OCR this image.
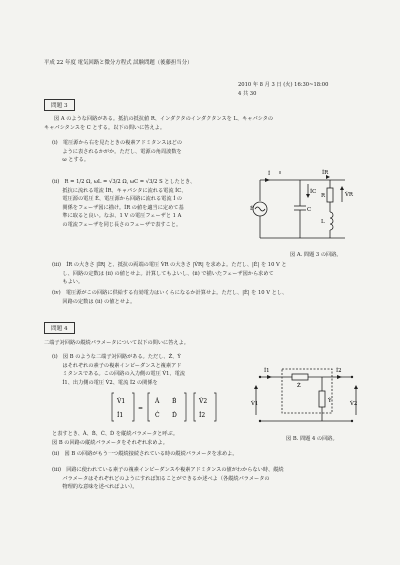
平成 22 年度 電気回路と微分方程式 試験問題（後藤担当分）
2010 年 8 月 3 日 (火) 16:30~18:00
4 共 30
問題 3
図 A のような回路がある。抵抗の抵抗値 R、インダクタのインダクタンスを L、キャパシタの
キャパシタンスを C とする。以下の問いに答えよ。
(i)　電圧源から右を見たときの複素アドミタンスはどの
　　ように表されるかがか。ただし、電源の角周波数を
　　ω とする。
(ii)　R = 1/2 Ω, ωL = √3/2 Ω, ωC = √3/2 S としたとき、
　　抵抗に流れる電流 İR、キャパシタに流れる電流 İC、
　　電圧源の電圧 Ė、電圧源から回路に流れる電流 İ の
　　関係をフェーザ図に描け。İR の値を適当に定めて基
　　準に取ると良い。なお、1 V の電圧フェーザと 1 A
　　の電流フェーザを同じ長さのフェーザで表すこと。
İ	İR
İC
R
C
L
Ė
V̇R
図 A. 問題 3 の回路。
(iii)　İR の大きさ |İR| と、抵抗の両端の電圧 V̇R の大きさ |V̇R| を求めよ。ただし、|Ė| を 10 V と
　　し、回路の定数は (ii) の値とせよ。計算してもよいし、(ii) で描いたフェーザ図から求めて
　　もよい。
(iv)　電圧源がこの回路に供給する有効電力はいくらになるか計算せよ。ただし、|Ė| を 10 V とし、
　　回路の定数は (ii) の値とせよ。
問題 4
二端子対回路の縦続パラメータについて以下の問いに答えよ。
(i)　図 B のような二端子対回路がある。ただし、Ż、Ẏ
　　はそれぞれの素子の複素インピーダンスと複素アド
　　ミタンスである。この回路の入力側の電圧 V̇1、電流
　　İ1、出力側の電圧 V̇2、電流 İ2 の関係を
V̇1
İ1
=
Ȧ Ḃ
Ċ Ḋ
V̇2
İ2
と表すとき、Ȧ、Ḃ、Ċ、Ḋ を縦続パラメータと呼ぶ。
図 B の回路の縦続パラメータをそれぞれ求めよ。
İ1	İ2
Ż
Ẏ
V̇1	V̇2
図 B. 問題 4 の回路。
(ii)　図 B の回路がもう一つ縦続接続されている時の縦続パラメータを求めよ。
(iii)　回路に使われている素子の複素インピーダンスや複素アドミタンスの値がわからない時、縦続
　　パラメータはそれぞれどのようにすれば知ることができるか述べよ（各縦続パラメータの
　　物理的な意味を述べればよい）。
